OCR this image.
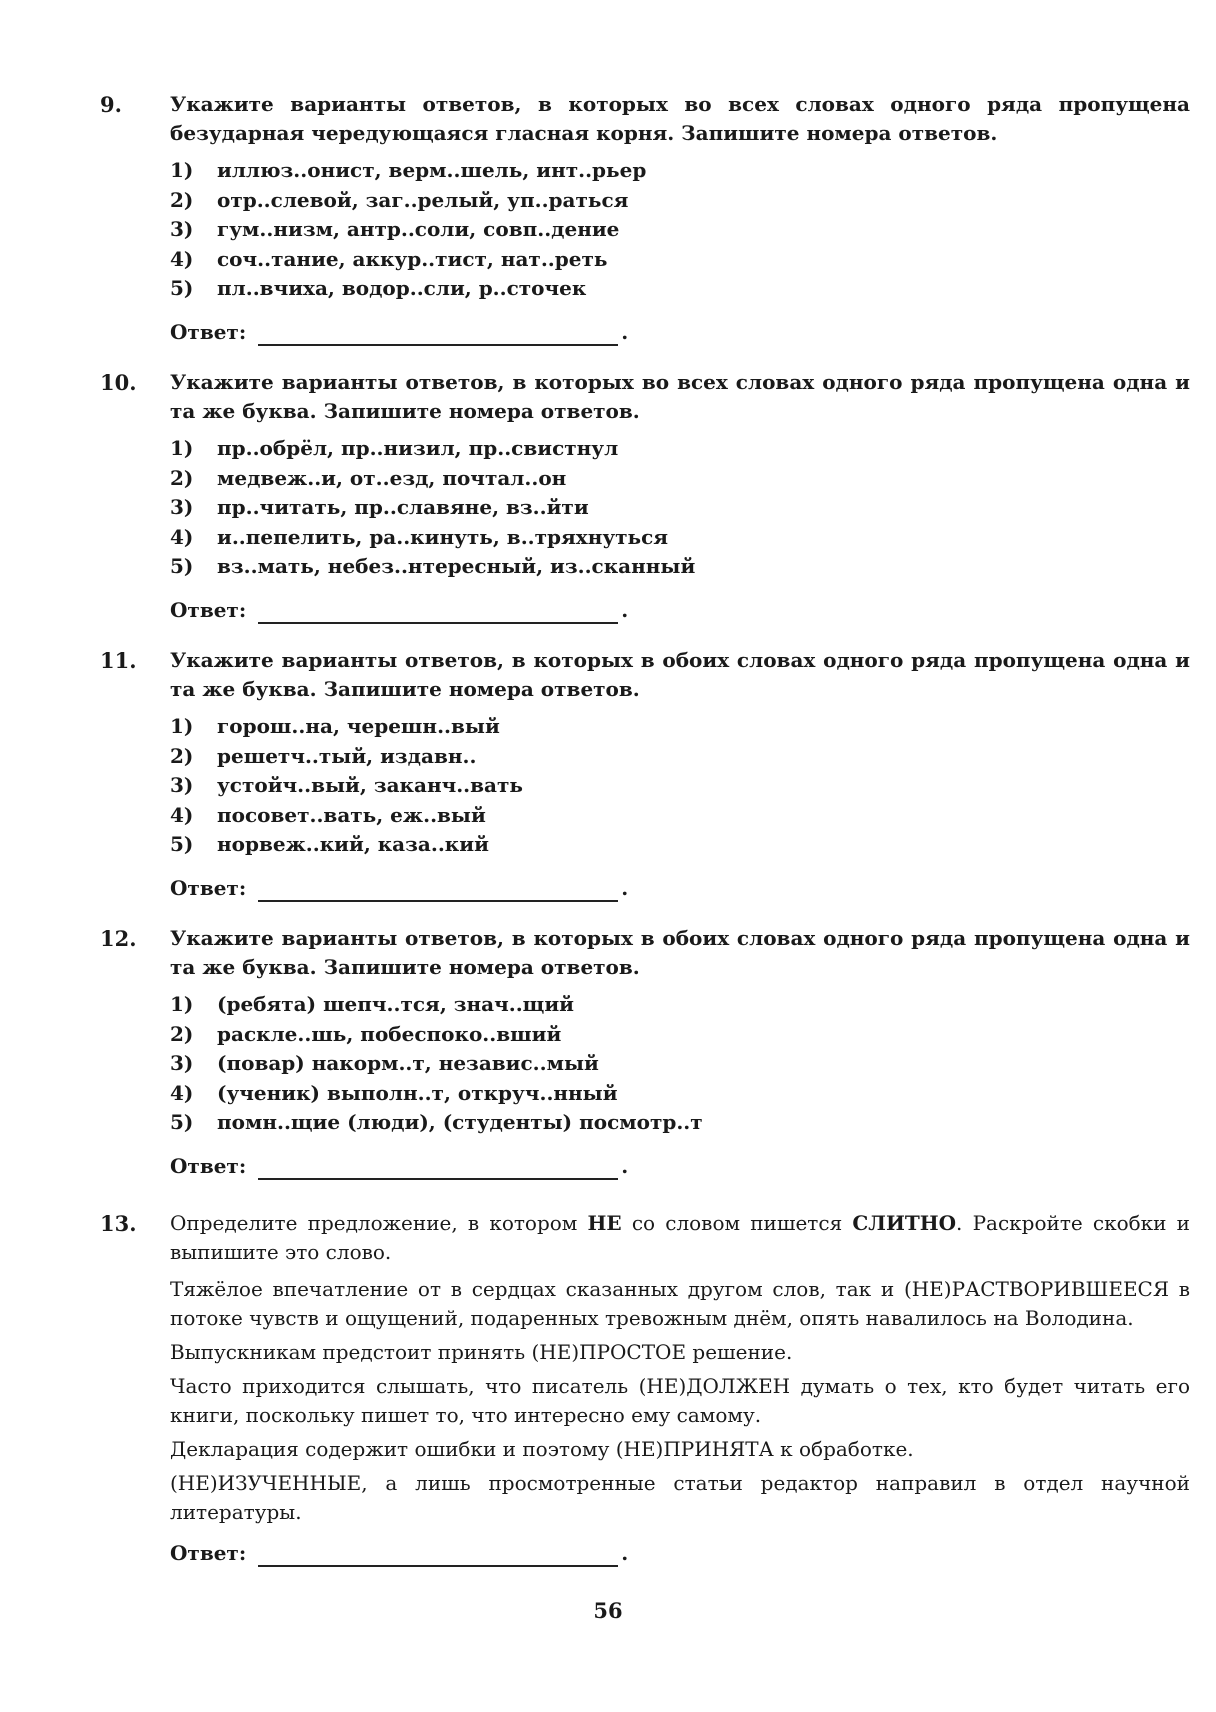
9.	Укажите варианты ответов, в которых во всех словах одного ряда пропущена безударная чередующаяся гласная корня. Запишите номера ответов.

1)	иллюз..онист, верм..шель, инт..рьер
2)	отр..слевой, заг..релый, уп..раться
3)	гум..низм, антр..соли, совп..дение
4)	соч..тание, аккур..тист, нат..реть
5)	пл..вчиха, водор..сли, р..сточек
Ответ:	.
10.	Укажите варианты ответов, в которых во всех словах одного ряда пропущена одна и та же буква. Запишите номера ответов.

1)	пр..обрёл, пр..низил, пр..свистнул
2)	медвеж..и, от..езд, почтал..он
3)	пр..читать, пр..славяне, вз..йти
4)	и..пепелить, ра..кинуть, в..тряхнуться
5)	вз..мать, небез..нтересный, из..сканный
Ответ:	.
11.	Укажите варианты ответов, в которых в обоих словах одного ряда пропущена одна и та же буква. Запишите номера ответов.

1)	горош..на, черешн..вый
2)	решетч..тый, издавн..
3)	устойч..вый, заканч..вать
4)	посовет..вать, еж..вый
5)	норвеж..кий, каза..кий
Ответ:	.
12.	Укажите варианты ответов, в которых в обоих словах одного ряда пропущена одна и та же буква. Запишите номера ответов.

1)	(ребята) шепч..тся, знач..щий
2)	раскле..шь, побеспоко..вший
3)	(повар) накорм..т, независ..мый
4)	(ученик) выполн..т, откруч..нный
5)	помн..щие (люди), (студенты) посмотр..т
Ответ:	.
13.	Определите предложение, в котором НЕ со словом пишется СЛИТНО. Раскройте скобки и выпишите это слово.

Тяжёлое впечатление от в сердцах сказанных другом слов, так и (НЕ)РАСТВОРИВШЕЕСЯ в потоке чувств и ощущений, подаренных тревожным днём, опять навалилось на Володина.

Выпускникам предстоит принять (НЕ)ПРОСТОЕ решение.

Часто приходится слышать, что писатель (НЕ)ДОЛЖЕН думать о тех, кто будет читать его книги, поскольку пишет то, что интересно ему самому.

Декларация содержит ошибки и поэтому (НЕ)ПРИНЯТА к обработке.

(НЕ)ИЗУЧЕННЫЕ, а лишь просмотренные статьи редактор направил в отдел научной литературы.

Ответ:	.
56
